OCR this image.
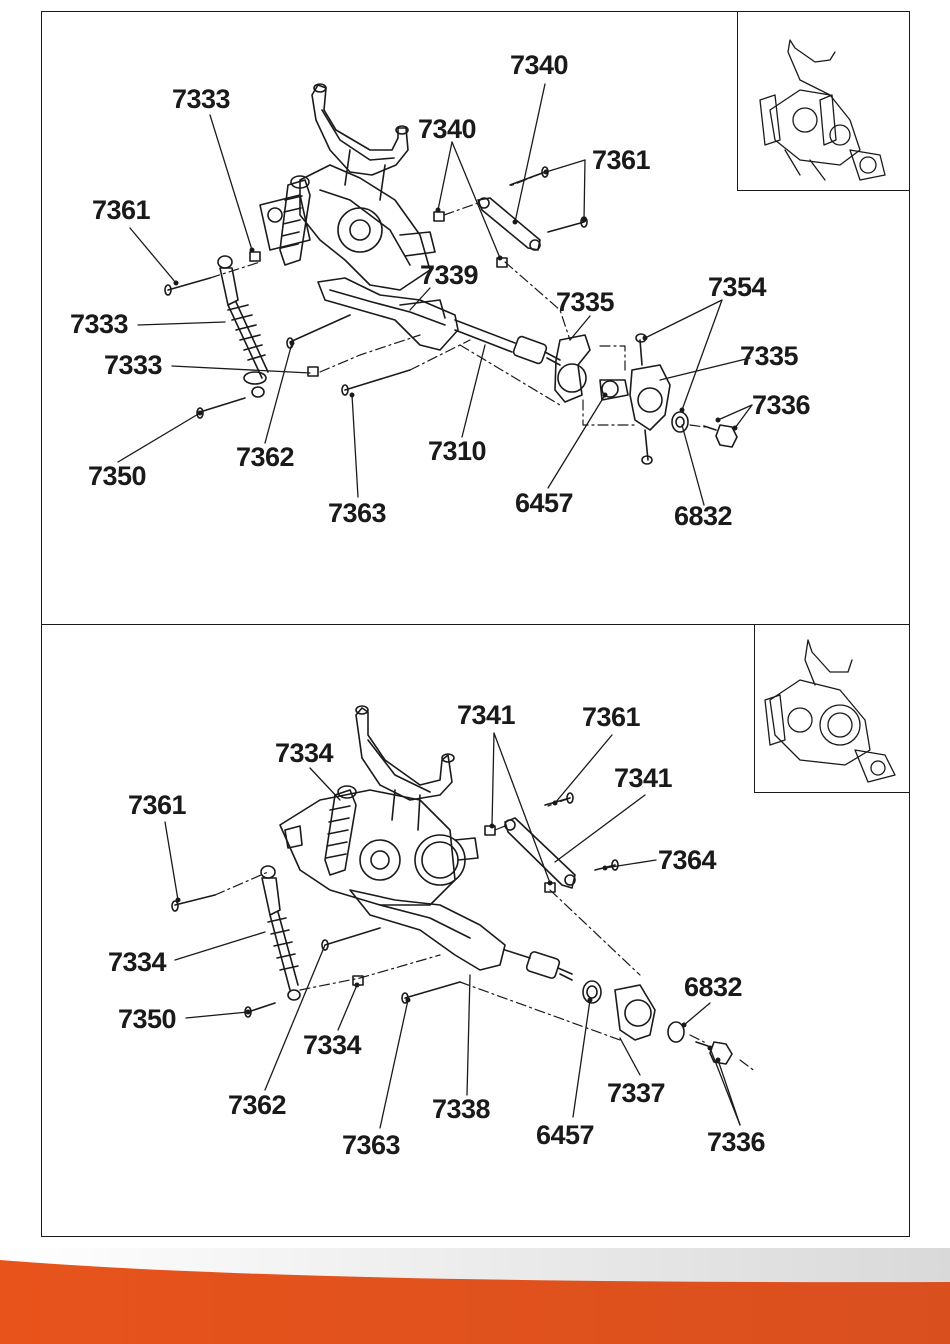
7340
7333
7340
7361
7361
7339
7335	7354
7333
7335
7333
7336
7350
7362	7310
6457	6832
7363
7341 7361
7334
7361
7341
7364
7334
6832
7350
7334
7337
7362	7338
6457	7336
7363
